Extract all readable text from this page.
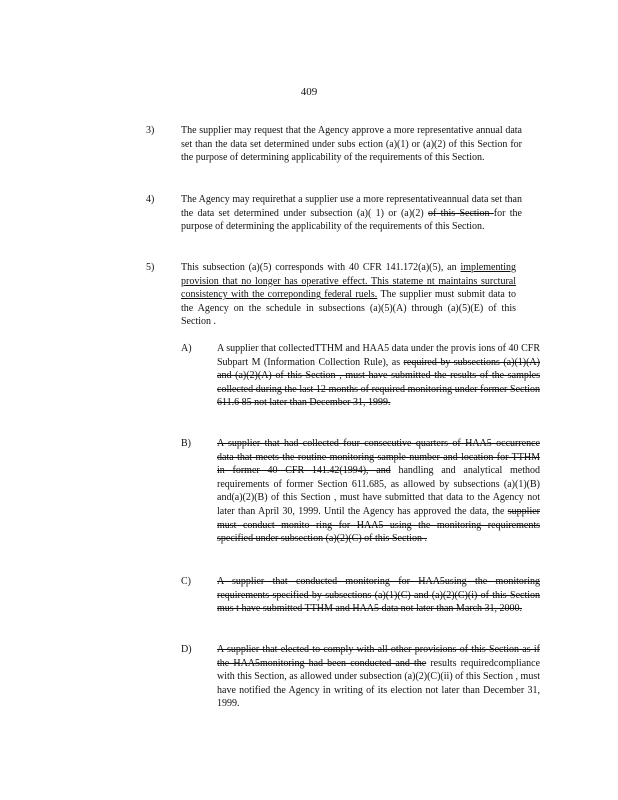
409
3)	The supplier may request that the Agency approve a more representative annual data set than the data set determined under subs ection (a)(1) or (a)(2) of this Section for the purpose of determining applicability of the requirements of this Section.
4)	The Agency may requirethat a supplier use a more representativeannual data set than the data set determined under subsection (a)( 1) or (a)(2) of this Section for the purpose of determining the applicability of the requirements of this Section.
5)	This subsection (a)(5) corresponds with 40 CFR 141.172(a)(5), an implementing provision that no longer has operative effect. This stateme nt maintains surctural consistency with the correponding federal ruels. The supplier must submit data to the Agency on the schedule in subsections (a)(5)(A) through (a)(5)(E) of this Section .
A)	A supplier that collectedTTHM and HAA5 data under the provis ions of 40 CFR Subpart M (Information Collection Rule), as required by subsections (a)(1)(A) and (a)(2)(A) of this Section , must have submitted the results of the samples collected during the last 12 months of required monitoring under former Section 611.6 85 not later than December 31, 1999.
B)	A supplier that had collected four consecutive quarters of HAA5 occurrence data that meets the routine monitoring sample number and location for TTHM in former 40 CFR 141.42(1994), and handling and analytical method requirements of former Section 611.685, as allowed by subsections (a)(1)(B) and(a)(2)(B) of this Section , must have submitted that data to the Agency not later than April 30, 1999. Until the Agency has approved the data, the supplier must conduct monito ring for HAA5 using the monitoring requirements specified under subsection (a)(2)(C) of this Section .
C)	A supplier that conducted monitoring for HAA5using the monitoring requirements specified by subsections (a)(1)(C) and (a)(2)(C)(i) of this Section mus t have submitted TTHM and HAA5 data not later than March 31, 2000.
D)	A supplier that elected to comply with all other provisions of this Section as if the HAA5monitoring had been conducted and the results requiredcompliance with this Section, as allowed under subsection (a)(2)(C)(ii) of this Section , must have notified the Agency in writing of its election not later than December 31, 1999.
